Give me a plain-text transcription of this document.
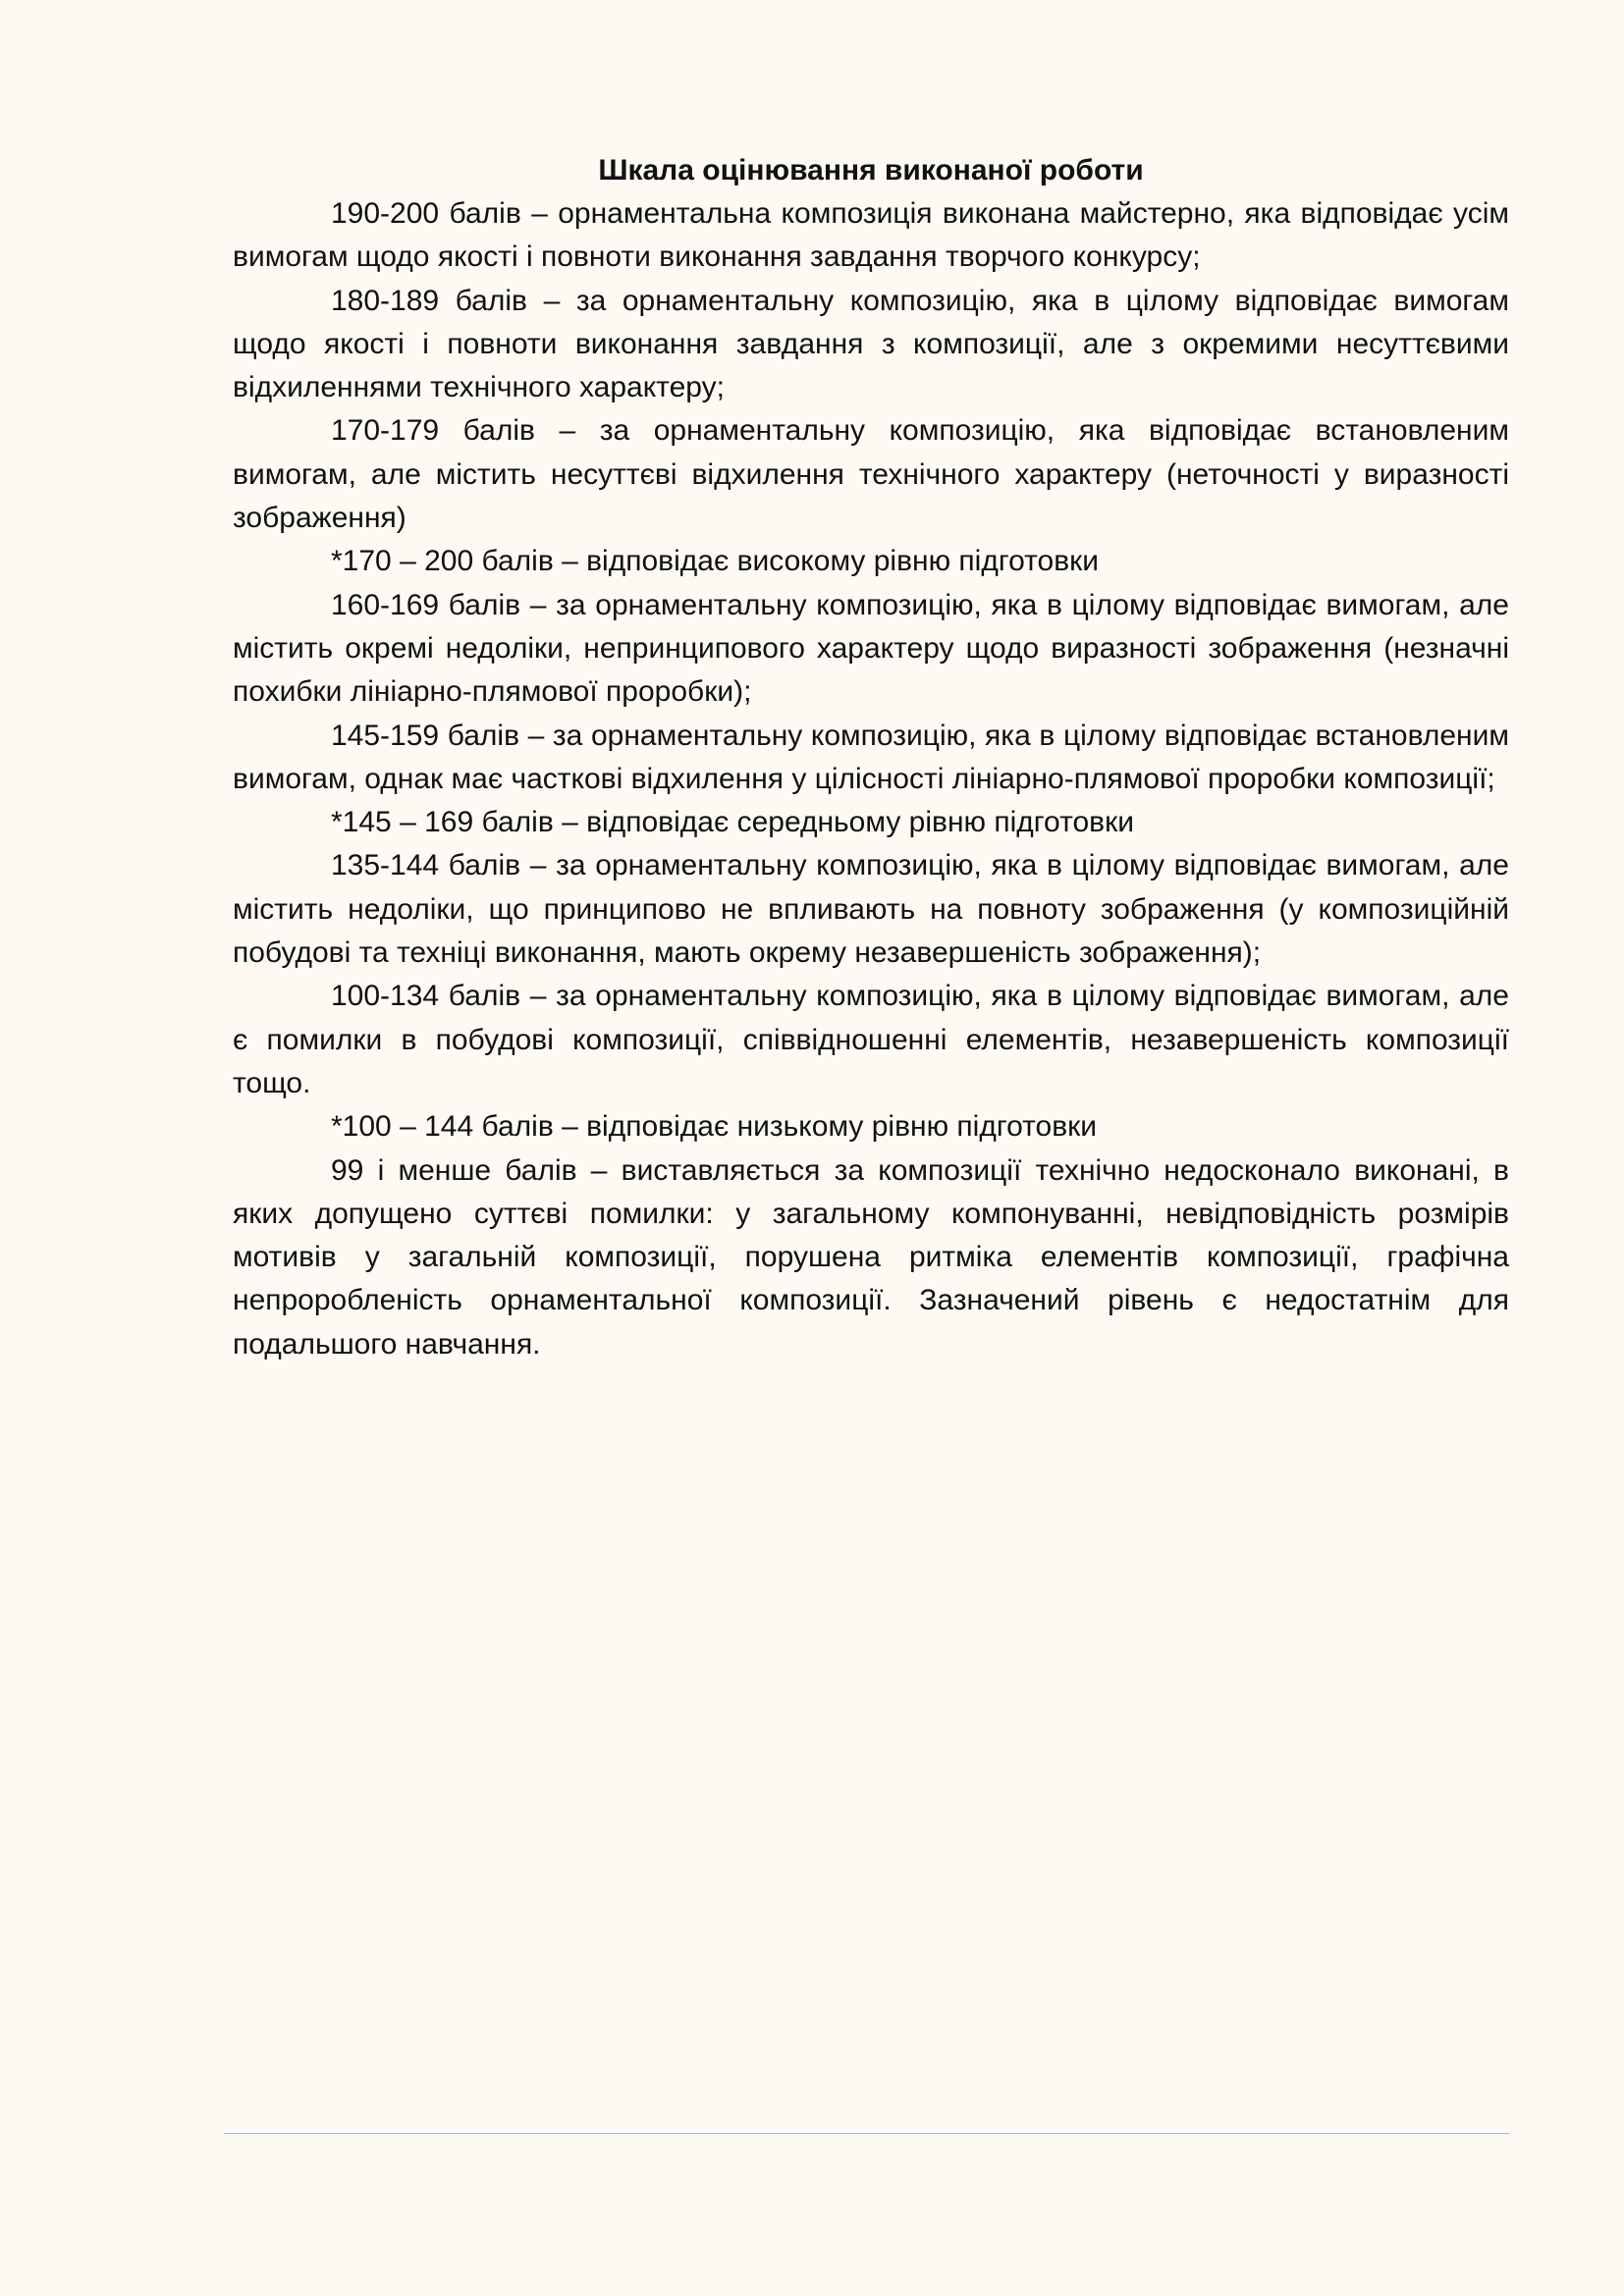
Шкала оцінювання виконаної роботи

190-200 балів – орнаментальна композиція виконана майстерно, яка відповідає усім вимогам щодо якості і повноти виконання завдання творчого конкурсу;

180-189 балів – за орнаментальну композицію, яка в цілому відповідає вимогам щодо якості і повноти виконання завдання з композиції, але з окремими несуттєвими відхиленнями технічного характеру;

170-179 балів – за орнаментальну композицію, яка відповідає встановленим вимогам, але містить несуттєві відхилення технічного характеру (неточності у виразності зображення)

*170 – 200 балів – відповідає високому рівню підготовки

160-169 балів – за орнаментальну композицію, яка в цілому відповідає вимогам, але містить окремі недоліки, непринципового характеру щодо виразності зображення (незначні похибки лініарно-плямової проробки);

145-159 балів – за орнаментальну композицію, яка в цілому відповідає встановленим вимогам, однак має часткові відхилення у цілісності лініарно-плямової проробки композиції;

*145 – 169 балів – відповідає середньому рівню підготовки

135-144 балів – за орнаментальну композицію, яка в цілому відповідає вимогам, але містить недоліки, що принципово не впливають на повноту зображення (у композиційній побудові та техніці виконання, мають окрему незавершеність зображення);

100-134 балів – за орнаментальну композицію, яка в цілому відповідає вимогам, але є помилки в побудові композиції, співвідношенні елементів, незавершеність композиції тощо.

*100 – 144 балів – відповідає низькому рівню підготовки

99 і менше балів – виставляється за композиції технічно недосконало виконані, в яких допущено суттєві помилки: у загальному компонуванні, невідповідність розмірів мотивів у загальній композиції, порушена ритміка елементів композиції, графічна непроробленість орнаментальної композиції. Зазначений рівень є недостатнім для подальшого навчання.
